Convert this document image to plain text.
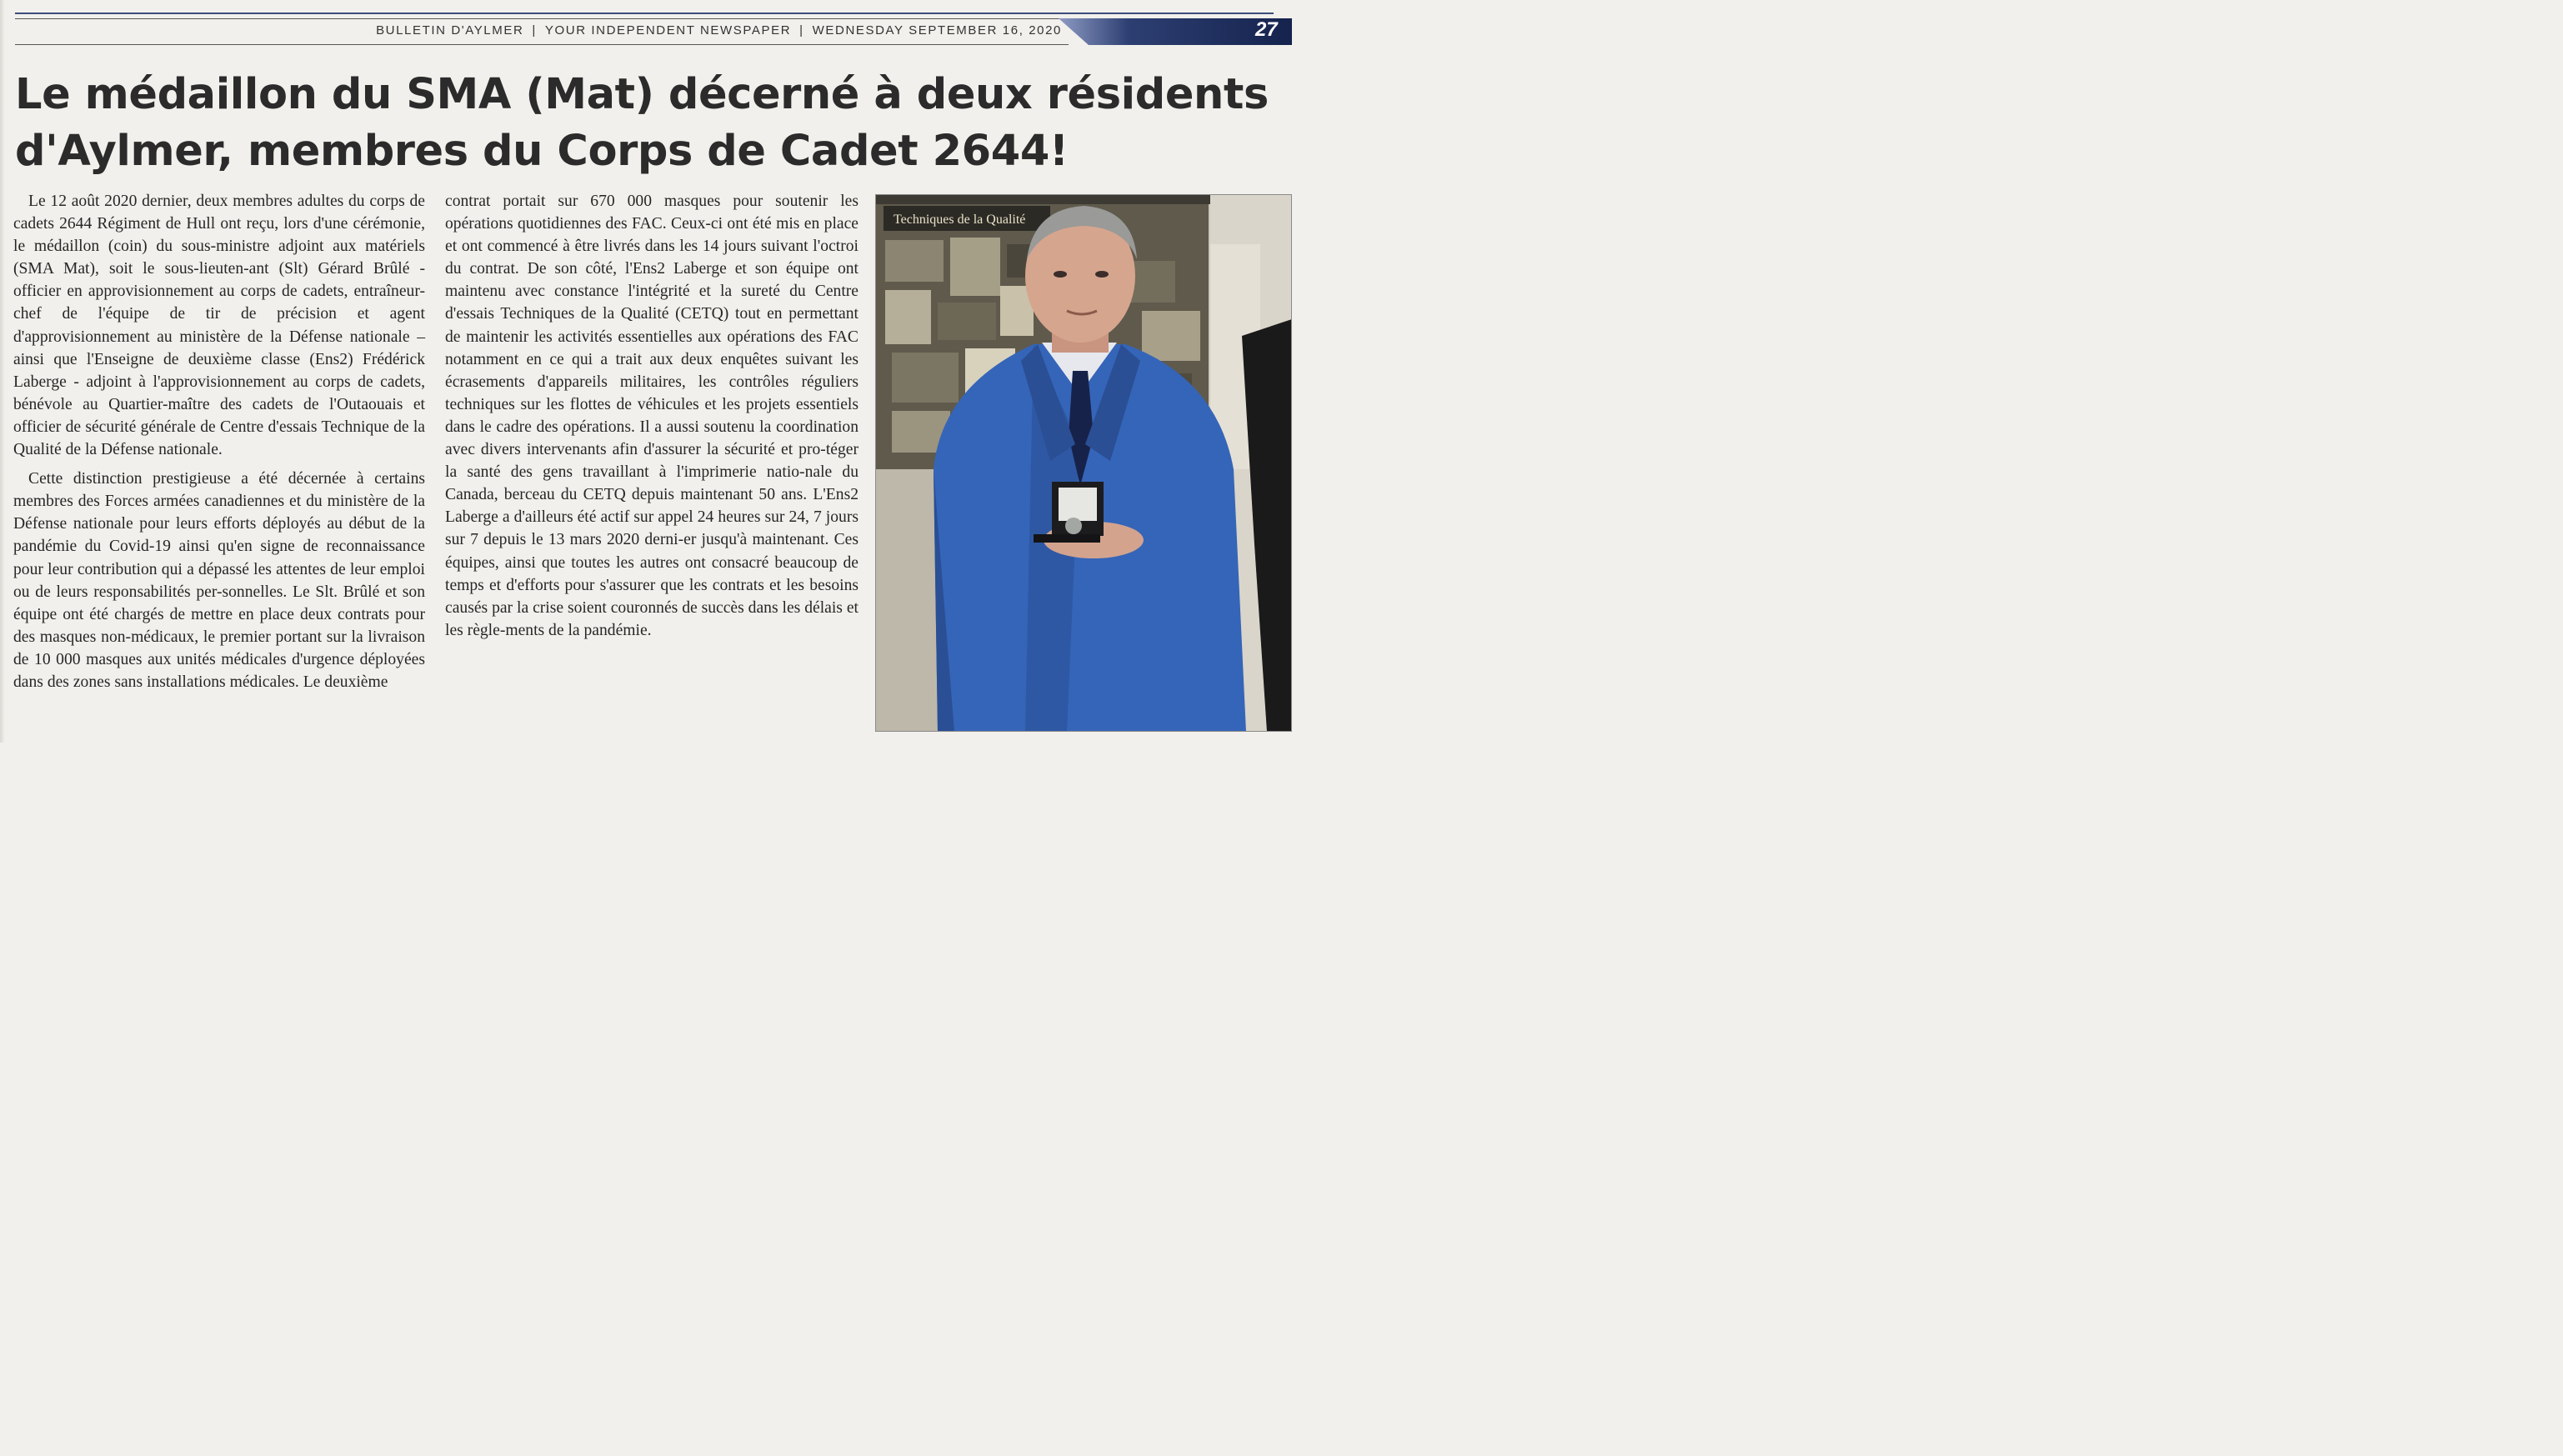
BULLETIN D'AYLMER | YOUR INDEPENDENT NEWSPAPER | WEDNESDAY SEPTEMBER 16, 2020	27
Le médaillon du SMA (Mat) décerné à deux résidents
d'Aylmer, membres du Corps de Cadet 2644!

Le 12 août 2020 dernier, deux membres adultes du corps de cadets 2644 Régiment de Hull ont reçu, lors d'une cérémonie, le médaillon (coin) du sous-ministre adjoint aux matériels (SMA Mat), soit le sous-lieuten-ant (Slt) Gérard Brûlé - officier en approvisionnement au corps de cadets, entraîneur-chef de l'équipe de tir de précision et agent d'approvisionnement au ministère de la Défense nationale – ainsi que l'Enseigne de deuxième classe (Ens2) Frédérick Laberge - adjoint à l'approvisionnement au corps de cadets, bénévole au Quartier-maître des cadets de l'Outaouais et officier de sécurité générale de Centre d'essais Technique de la Qualité de la Défense nationale.

Cette distinction prestigieuse a été décernée à certains membres des Forces armées canadiennes et du ministère de la Défense nationale pour leurs efforts déployés au début de la pandémie du Covid-19 ainsi qu'en signe de reconnaissance pour leur contribution qui a dépassé les attentes de leur emploi ou de leurs responsabilités per-sonnelles. Le Slt. Brûlé et son équipe ont été chargés de mettre en place deux contrats pour des masques non-médicaux, le premier portant sur la livraison de 10 000 masques aux unités médicales d'urgence déployées dans des zones sans installations médicales. Le deuxième

contrat portait sur 670 000 masques pour soutenir les opérations quotidiennes des FAC. Ceux-ci ont été mis en place et ont commencé à être livrés dans les 14 jours suivant l'octroi du contrat. De son côté, l'Ens2 Laberge et son équipe ont maintenu avec constance l'intégrité et la sureté du Centre d'essais Techniques de la Qualité (CETQ) tout en permettant de maintenir les activités essentielles aux opérations des FAC notamment en ce qui a trait aux deux enquêtes suivant les écrasements d'appareils militaires, les contrôles réguliers techniques sur les flottes de véhicules et les projets essentiels dans le cadre des opérations. Il a aussi soutenu la coordination avec divers intervenants afin d'assurer la sécurité et pro-téger la santé des gens travaillant à l'imprimerie natio-nale du Canada, berceau du CETQ depuis maintenant 50 ans. L'Ens2 Laberge a d'ailleurs été actif sur appel 24 heures sur 24, 7 jours sur 7 depuis le 13 mars 2020 derni-er jusqu'à maintenant. Ces équipes, ainsi que toutes les autres ont consacré beaucoup de temps et d'efforts pour s'assurer que les contrats et les besoins causés par la crise soient couronnés de succès dans les délais et les règle-ments de la pandémie.

Techniques de la Qualité
